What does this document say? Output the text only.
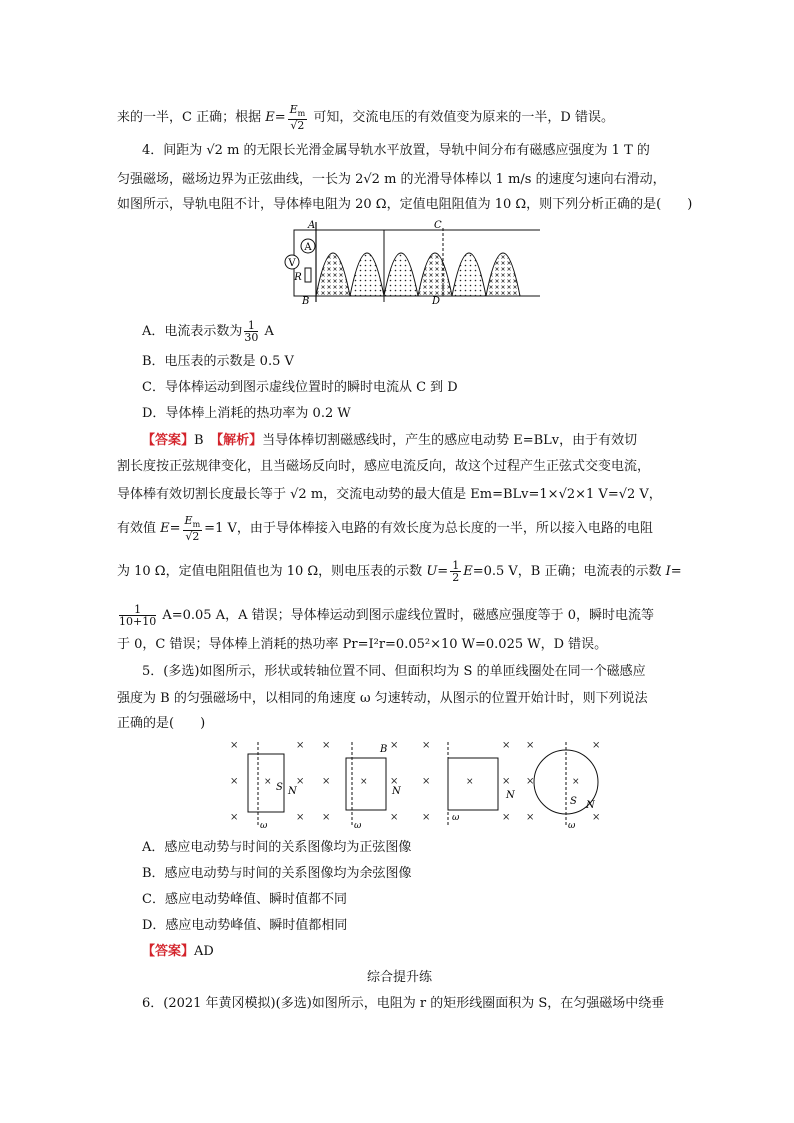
来的一半，C 正确；根据 $E= \frac{E_m}{√2}$ 可知，交流电压的有效值变为原来的一半，D 错误。
4．间距为 √2 m 的无限长光滑金属导轨水平放置，导轨中间分布有磁感应强度为 1 T 的
匀强磁场，磁场边界为正弦曲线，一长为 2√2 m 的光滑导体棒以 1 m/s 的速度匀速向右滑动，
如图所示，导轨电阻不计，导体棒电阻为 20 Ω，定值电阻阻值为 10 Ω，则下列分析正确的是(　　)
A
V
R
A
B
C
D
A．电流表示数为 $\frac{1}{30}$ A
B．电压表的示数是 0.5 V
C．导体棒运动到图示虚线位置时的瞬时电流从 C 到 D
D．导体棒上消耗的热功率为 0.2 W
【答案】B　 【解析】当导体棒切割磁感线时，产生的感应电动势 E=BLv，由于有效切
割长度按正弦规律变化，且当磁场反向时，感应电流反向，故这个过程产生正弦式交变电流，
导体棒有效切割长度最长等于 √2 m，交流电动势的最大值是 Em=BLv=1×√2×1 V=√2 V，
有效值 $E= \frac{E_m}{√2} =1$ V，由于导体棒接入电路的有效长度为总长度的一半，所以接入电路的电阻
为 10 Ω，定值电阻阻值也为 10 Ω，则电压表的示数 $U= \frac{1}{2} E=0.5$ V，B 正确；电流表的示数 I=
$\frac{1}{10+10} A=0.05$ A，A 错误；导体棒运动到图示虚线位置时，磁感应强度等于 0，瞬时电流等
于 0，C 错误；导体棒上消耗的热功率 Pr=I²r=0.05²×10 W=0.025 W，D 错误。
5．(多选)如图所示，形状或转轴位置不同、但面积均为 S 的单匝线圈处在同一个磁感应
强度为 B 的匀强磁场中，以相同的角速度 ω 匀速转动，从图示的位置开始计时，则下列说法
正确的是(　　)
×	×
×	×
×	×
×	×
×	×
×	×
×	×
×	×
×	×
×	×
×
×	×
× S N
ω
×
B
N
ω
×
N
ω
×
S N
ω
A．感应电动势与时间的关系图像均为正弦图像
B．感应电动势与时间的关系图像均为余弦图像
C．感应电动势峰值、瞬时值都不同
D．感应电动势峰值、瞬时值都相同
【答案】AD
综合提升练
6．(2021 年黄冈模拟)(多选)如图所示，电阻为 r 的矩形线圈面积为 S，在匀强磁场中绕垂
